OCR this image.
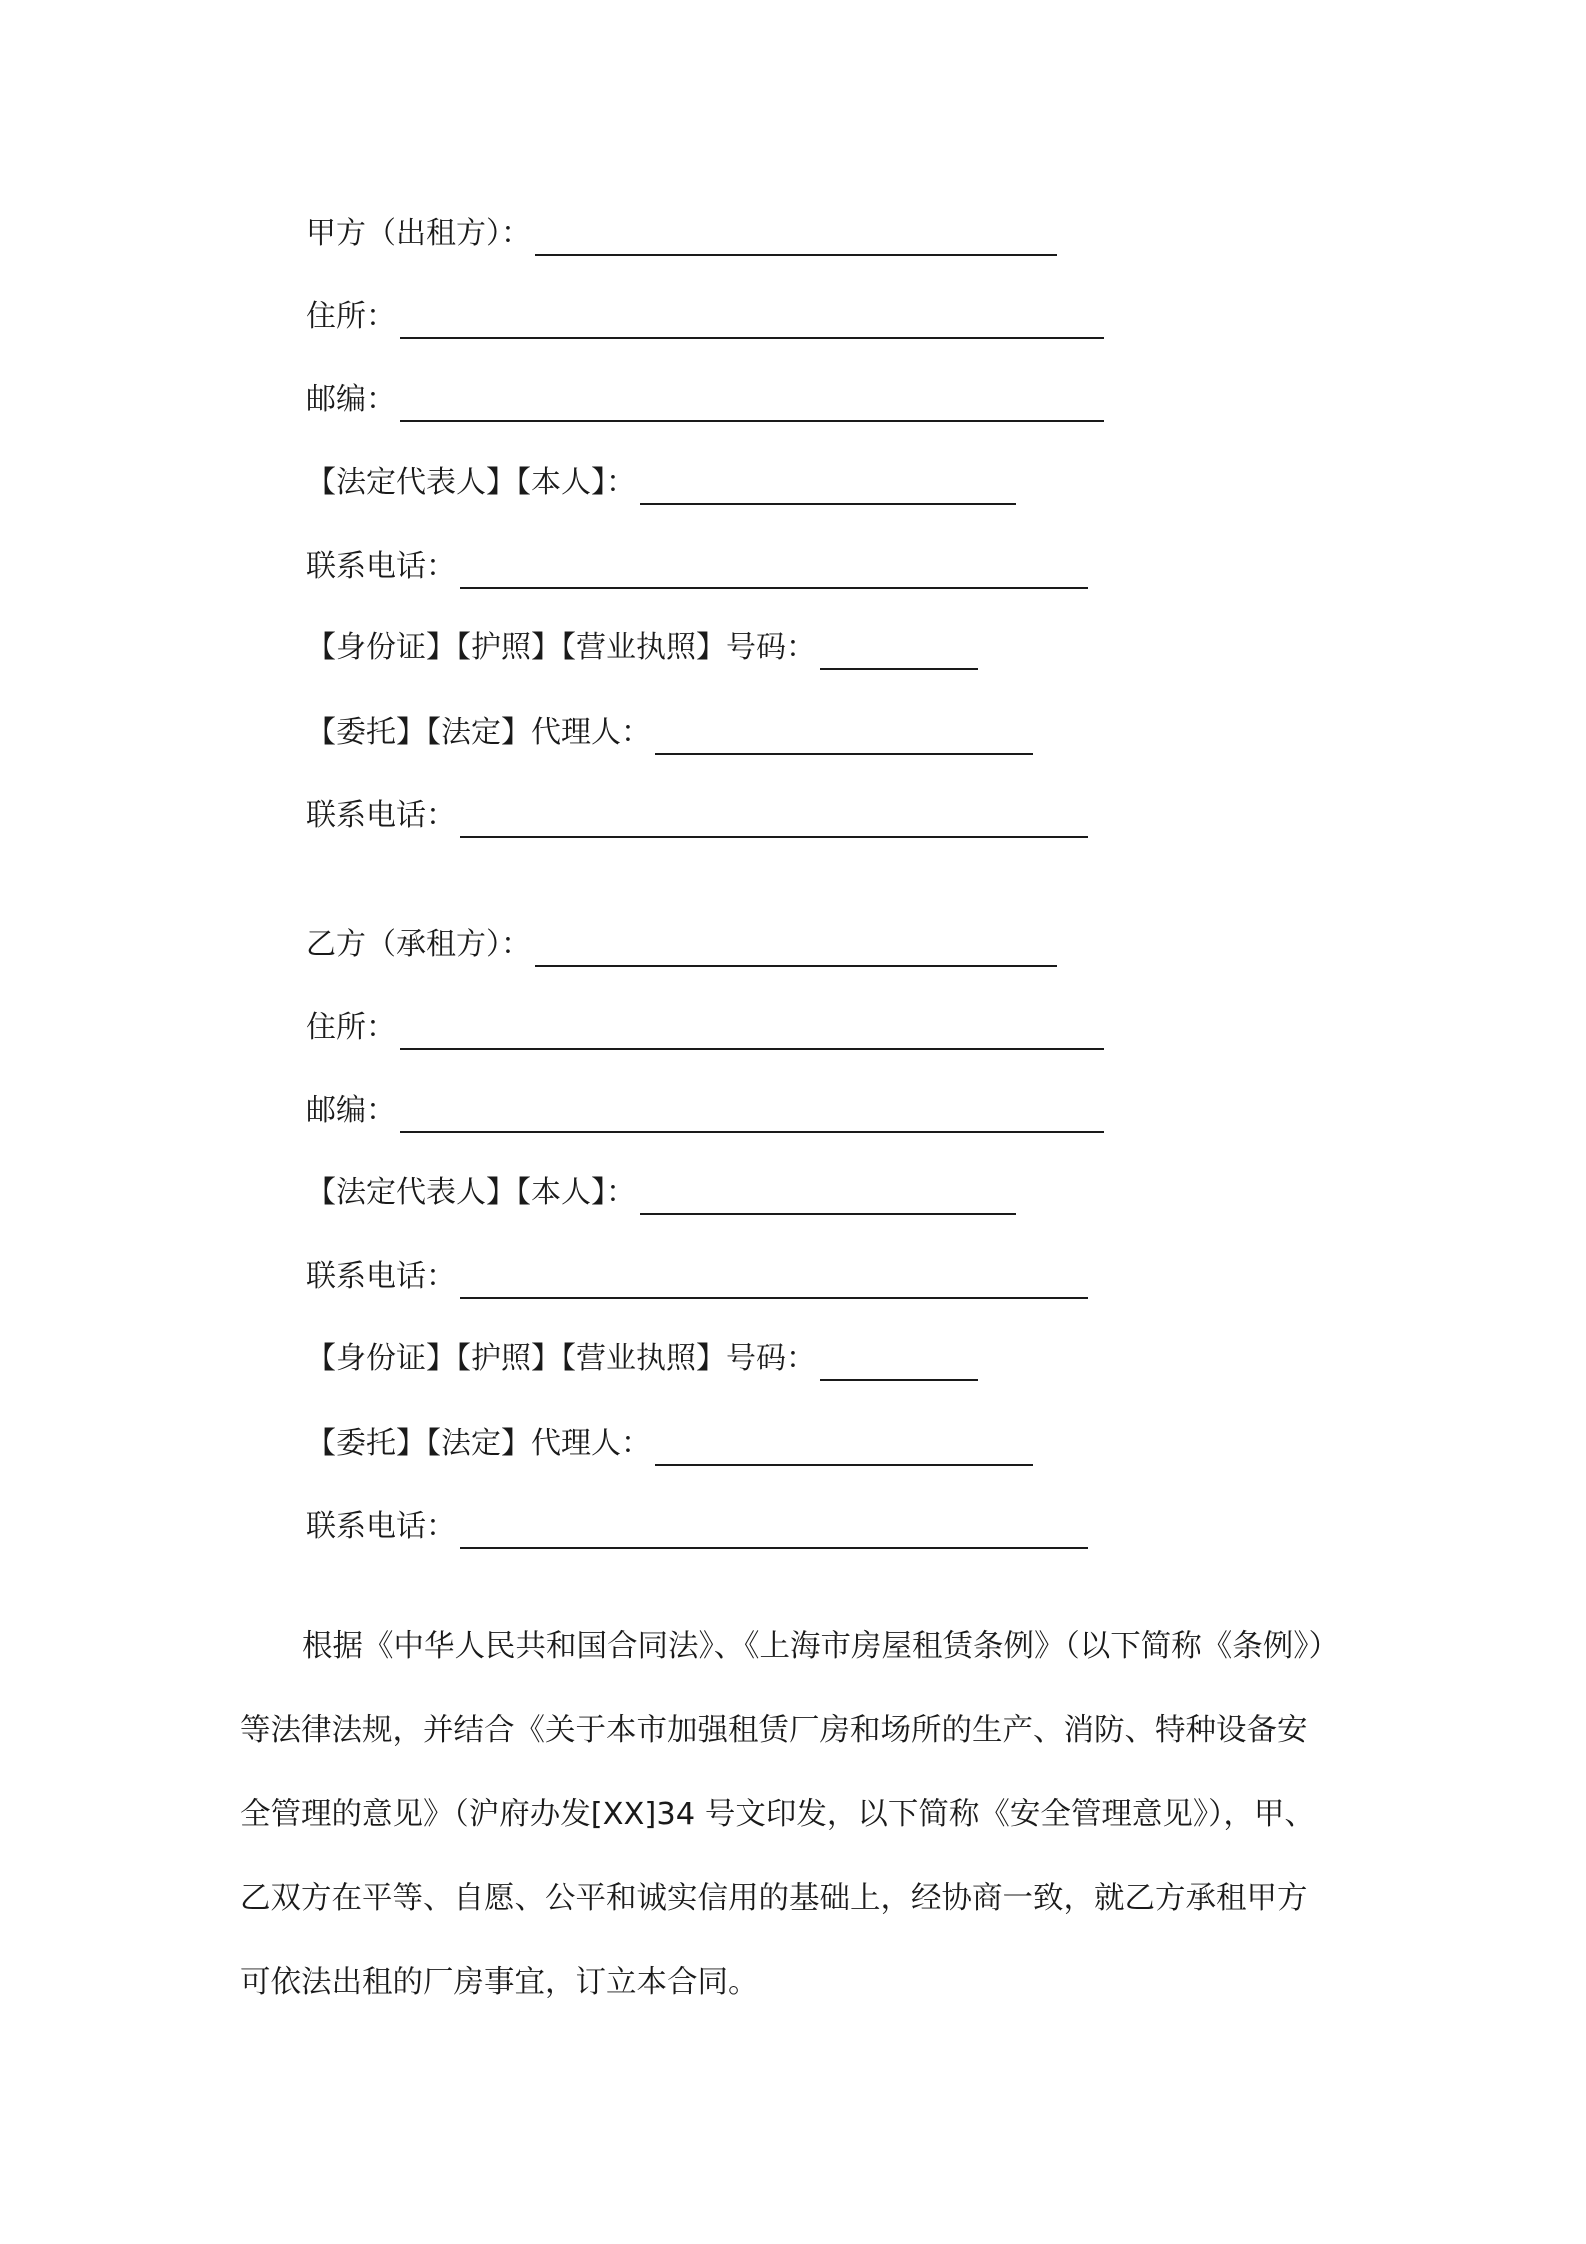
甲方（出租方）：
住所：
邮编：
【法定代表人】【本人】：
联系电话：
【身份证】【护照】【营业执照】号码：
【委托】【法定】代理人：
联系电话：
乙方（承租方）：
住所：
邮编：
【法定代表人】【本人】：
联系电话：
【身份证】【护照】【营业执照】号码：
【委托】【法定】代理人：
联系电话：
根据《中华人民共和国合同法》、《上海市房屋租赁条例》（以下简称《条例》）
等法律法规，并结合《关于本市加强租赁厂房和场所的生产、消防、特种设备安
全管理的意见》（沪府办发[XX]34 号文印发，以下简称《安全管理意见》），甲、
乙双方在平等、自愿、公平和诚实信用的基础上，经协商一致，就乙方承租甲方
可依法出租的厂房事宜，订立本合同。
